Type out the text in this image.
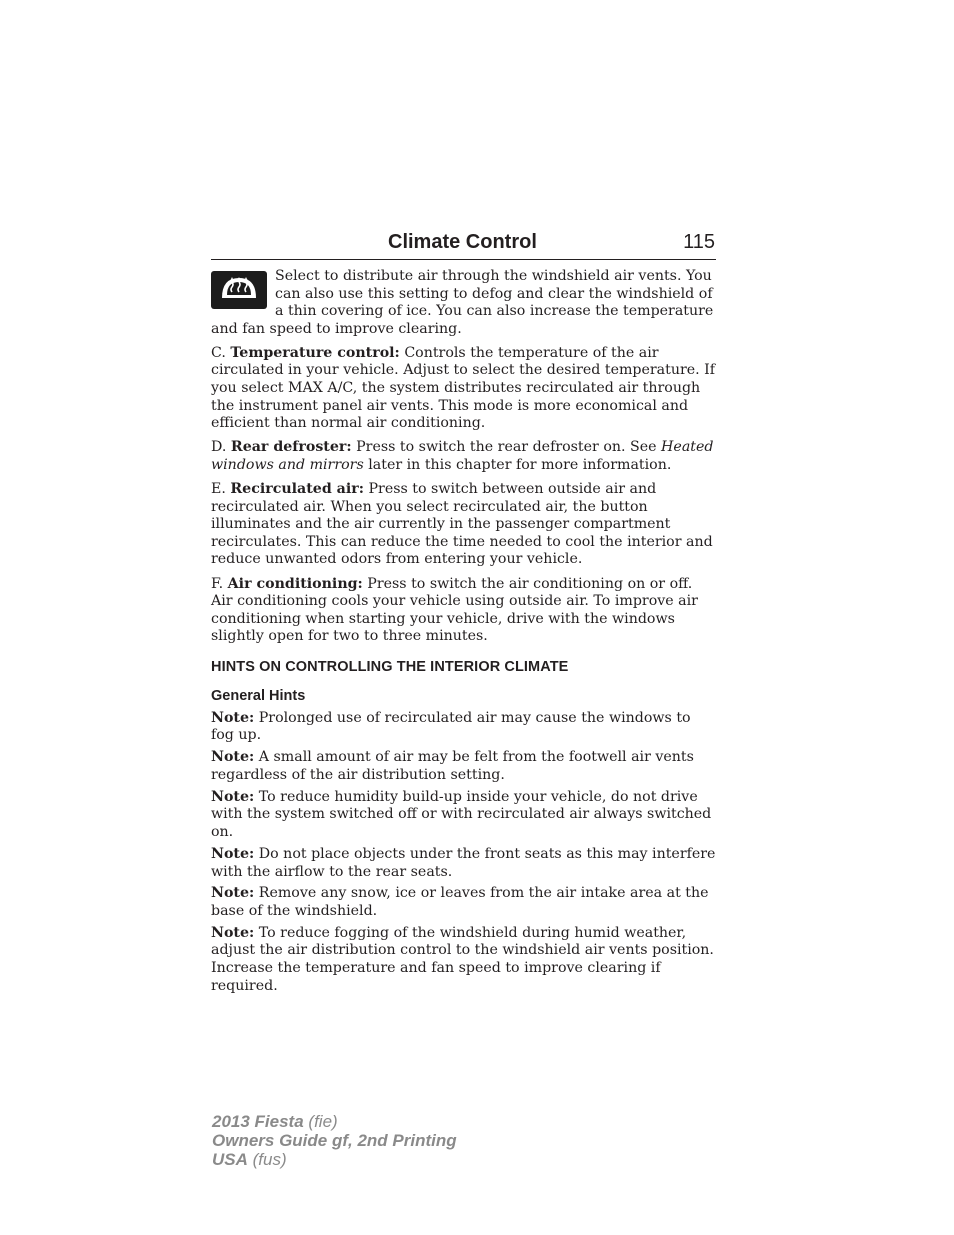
Climate Control	115

Select to distribute air through the windshield air vents. You can also use this setting to defog and clear the windshield of a thin covering of ice. You can also increase the temperature and fan speed to improve clearing.

C. Temperature control: Controls the temperature of the air circulated in your vehicle. Adjust to select the desired temperature. If you select MAX A/C, the system distributes recirculated air through the instrument panel air vents. This mode is more economical and efficient than normal air conditioning.

D. Rear defroster: Press to switch the rear defroster on. See Heated windows and mirrors later in this chapter for more information.

E. Recirculated air: Press to switch between outside air and recirculated air. When you select recirculated air, the button illuminates and the air currently in the passenger compartment recirculates. This can reduce the time needed to cool the interior and reduce unwanted odors from entering your vehicle.

F. Air conditioning: Press to switch the air conditioning on or off. Air conditioning cools your vehicle using outside air. To improve air conditioning when starting your vehicle, drive with the windows slightly open for two to three minutes.

HINTS ON CONTROLLING THE INTERIOR CLIMATE
General Hints

Note: Prolonged use of recirculated air may cause the windows to fog up.

Note: A small amount of air may be felt from the footwell air vents regardless of the air distribution setting.

Note: To reduce humidity build-up inside your vehicle, do not drive with the system switched off or with recirculated air always switched on.

Note: Do not place objects under the front seats as this may interfere with the airflow to the rear seats.

Note: Remove any snow, ice or leaves from the air intake area at the base of the windshield.

Note: To reduce fogging of the windshield during humid weather, adjust the air distribution control to the windshield air vents position. Increase the temperature and fan speed to improve clearing if required.

2013 Fiesta (fie)
Owners Guide gf, 2nd Printing
USA (fus)
